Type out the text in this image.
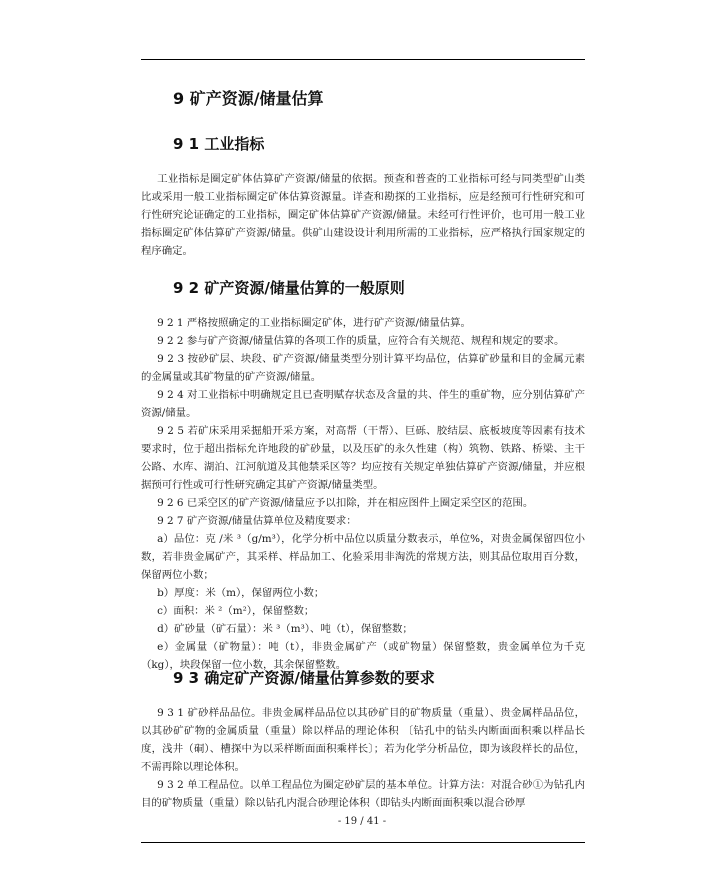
9 矿产资源/储量估算
9 1 工业指标

工业指标是圈定矿体估算矿产资源/储量的依据。预查和普查的工业指标可经与同类型矿山类比或采用一般工业指标圈定矿体估算资源量。详查和勘探的工业指标，应是经预可行性研究和可行性研究论证确定的工业指标，圈定矿体估算矿产资源/储量。未经可行性评价，也可用一般工业指标圈定矿体估算矿产资源/储量。供矿山建设设计利用所需的工业指标，应严格执行国家规定的程序确定。

9 2 矿产资源/储量估算的一般原则

9 2 1 严格按照确定的工业指标圈定矿体，进行矿产资源/储量估算。

9 2 2 参与矿产资源/储量估算的各项工作的质量，应符合有关规范、规程和规定的要求。

9 2 3 按砂矿层、块段、矿产资源/储量类型分别计算平均品位，估算矿砂量和目的金属元素的金属量或其矿物量的矿产资源/储量。

9 2 4 对工业指标中明确规定且已查明赋存状态及含量的共、伴生的重矿物，应分别估算矿产资源/储量。

9 2 5 若矿床采用采掘船开采方案，对高帮（干帮）、巨砾、胶结层、底板坡度等因素有技术要求时，位于超出指标允许地段的矿砂量，以及压矿的永久性建（构）筑物、铁路、桥梁、主干公路、水库、湖泊、江河航道及其他禁采区等？均应按有关规定单独估算矿产资源/储量，并应根据预可行性或可行性研究确定其矿产资源/储量类型。

9 2 6 已采空区的矿产资源/储量应予以扣除，并在相应图件上圈定采空区的范围。

9 2 7 矿产资源/储量估算单位及精度要求：

a）品位：克 /米 ³（g/m³），化学分析中品位以质量分数表示，单位%，对贵金属保留四位小数，若非贵金属矿产，其采样、样品加工、化验采用非淘洗的常规方法，则其品位取用百分数，保留两位小数；

b）厚度：米（m），保留两位小数；

c）面积：米 ²（m²），保留整数；

d）矿砂量（矿石量）：米 ³（m³）、吨（t），保留整数；

e）金属量（矿物量）：吨（t），非贵金属矿产（或矿物量）保留整数，贵金属单位为千克（kg），块段保留一位小数，其余保留整数。

9 3 确定矿产资源/储量估算参数的要求

9 3 1 矿砂样品品位。非贵金属样品品位以其砂矿目的矿物质量（重量）、贵金属样品品位，以其砂矿矿物的金属质量（重量）除以样品的理论体积 〔钻孔中的钻头内断面面积乘以样品长度，浅井（硐）、槽探中为以采样断面面积乘样长〕；若为化学分析品位，即为该段样长的品位，不需再除以理论体积。

9 3 2 单工程品位。以单工程品位为圈定砂矿层的基本单位。计算方法：对混合砂①为钻孔内目的矿物质量（重量）除以钻孔内混合砂理论体积（即钻头内断面面积乘以混合砂厚

- 19 / 41 -
